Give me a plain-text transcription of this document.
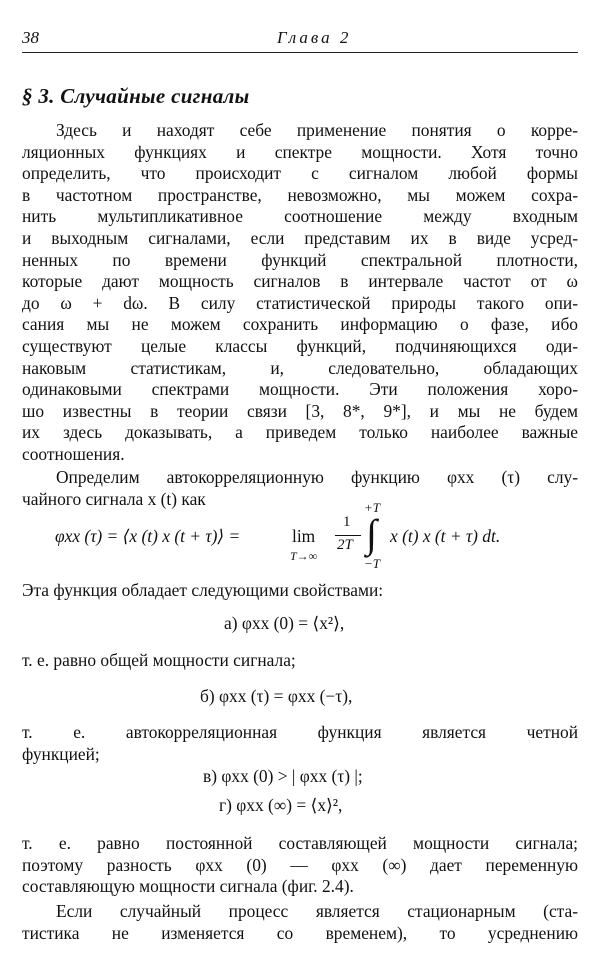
38	Глава 2
§ 3. Случайные сигналы
Здесь и находят себе применение понятия о корре-
ляционных функциях и спектре мощности. Хотя точно
определить, что происходит с сигналом любой формы
в частотном пространстве, невозможно, мы можем сохра-
нить мультипликативное соотношение между входным
и выходным сигналами, если представим их в виде усред-
ненных по времени функций спектральной плотности,
которые дают мощность сигналов в интервале частот от ω
до ω + dω. В силу статистической природы такого опи-
сания мы не можем сохранить информацию о фазе, ибо
существуют целые классы функций, подчиняющихся оди-
наковым статистикам, и, следовательно, обладающих
одинаковыми спектрами мощности. Эти положения хоро-
шо известны в теории связи [3, 8*, 9*], и мы не будем
их здесь доказывать, а приведем только наиболее важные
соотношения.
Определим автокорреляционную функцию φxx (τ) слу-
чайного сигнала x (t) как
φxx (τ) = ⟨x (t) x (t + τ)⟩ =	lim
T→∞
1
2T
+T
∫
−T
x (t) x (t + τ) dt.
Эта функция обладает следующими свойствами:
а) φxx (0) = ⟨x²⟩,
т. е. равно общей мощности сигнала;
б) φxx (τ) = φxx (−τ),
т. е. автокорреляционная функция является четной
функцией;
в) φxx (0) > | φxx (τ) |;
г) φxx (∞) = ⟨x⟩²,
т. е. равно постоянной составляющей мощности сигнала;
поэтому разность φxx (0) — φxx (∞) дает переменную
составляющую мощности сигнала (фиг. 2.4).
Если случайный процесс является стационарным (ста-
тистика не изменяется со временем), то усреднению
